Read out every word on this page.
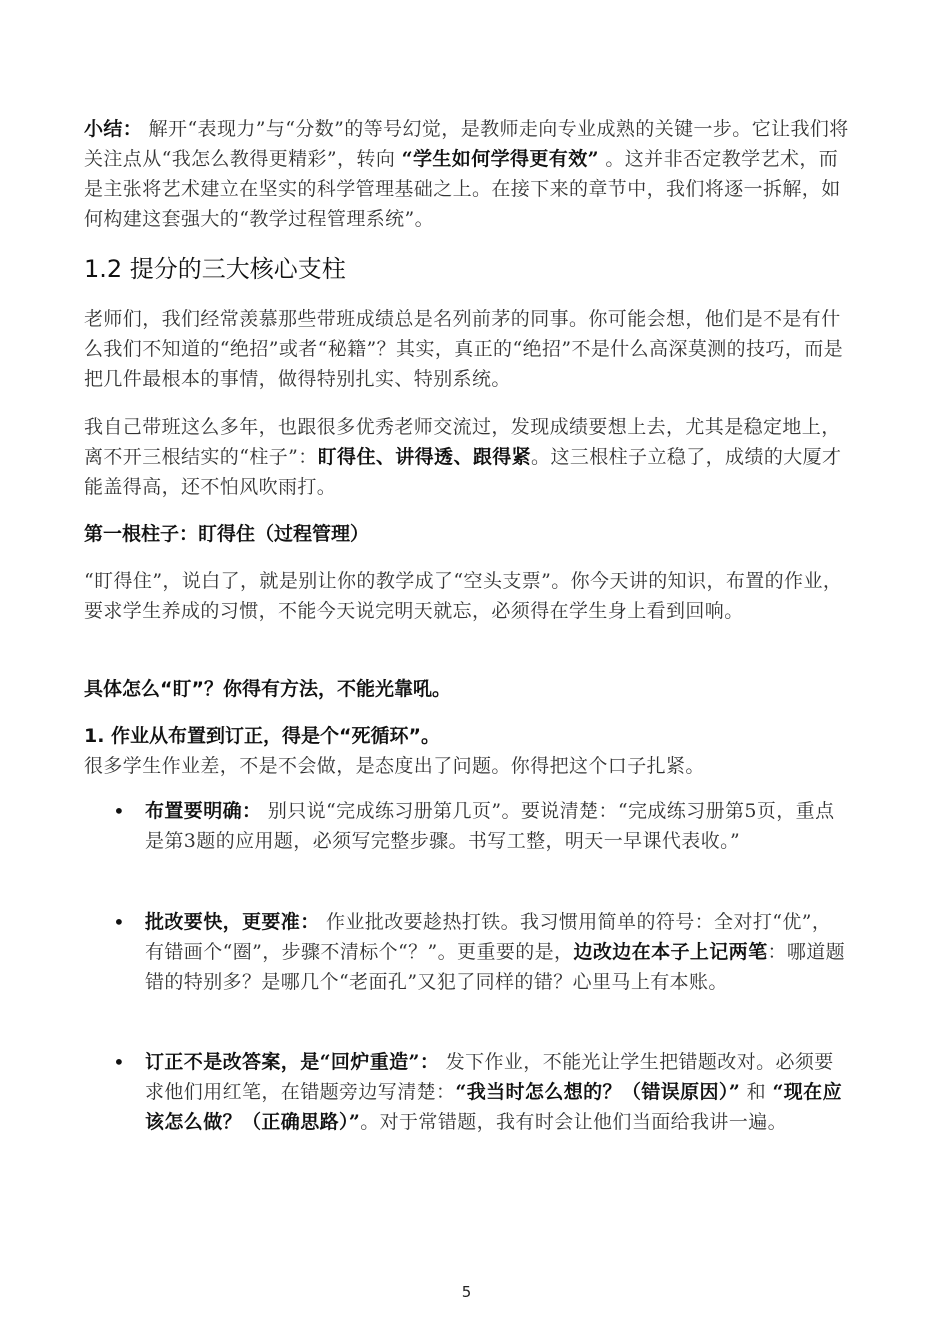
小结： 解开“表现力”与“分数”的等号幻觉，是教师走向专业成熟的关键一步。它让我们将关注点从“我怎么教得更精彩”，转向 “学生如何学得更有效” 。这并非否定教学艺术，而是主张将艺术建立在坚实的科学管理基础之上。在接下来的章节中，我们将逐一拆解，如何构建这套强大的“教学过程管理系统”。

1.2 提分的三大核心支柱

老师们，我们经常羡慕那些带班成绩总是名列前茅的同事。你可能会想，他们是不是有什么我们不知道的“绝招”或者“秘籍”？其实，真正的“绝招”不是什么高深莫测的技巧，而是把几件最根本的事情，做得特别扎实、特别系统。

我自己带班这么多年，也跟很多优秀老师交流过，发现成绩要想上去，尤其是稳定地上，离不开三根结实的“柱子”：盯得住、讲得透、跟得紧。这三根柱子立稳了，成绩的大厦才能盖得高，还不怕风吹雨打。

第一根柱子：盯得住（过程管理）

“盯得住”，说白了，就是别让你的教学成了“空头支票”。你今天讲的知识，布置的作业，要求学生养成的习惯，不能今天说完明天就忘，必须得在学生身上看到回响。

具体怎么“盯”？你得有方法，不能光靠吼。
1. 作业从布置到订正，得是个“死循环”。

很多学生作业差，不是不会做，是态度出了问题。你得把这个口子扎紧。

• 布置要明确： 别只说“完成练习册第几页”。要说清楚：“完成练习册第5页，重点是第3题的应用题，必须写完整步骤。书写工整，明天一早课代表收。”

• 批改要快，更要准： 作业批改要趁热打铁。我习惯用简单的符号：全对打“优”，有错画个“圈”，步骤不清标个“？”。更重要的是，边改边在本子上记两笔：哪道题错的特别多？是哪几个“老面孔”又犯了同样的错？心里马上有本账。

• 订正不是改答案，是“回炉重造”： 发下作业，不能光让学生把错题改对。必须要求他们用红笔，在错题旁边写清楚：“我当时怎么想的？（错误原因）” 和 “现在应该怎么做？（正确思路）”。对于常错题，我有时会让他们当面给我讲一遍。

5
